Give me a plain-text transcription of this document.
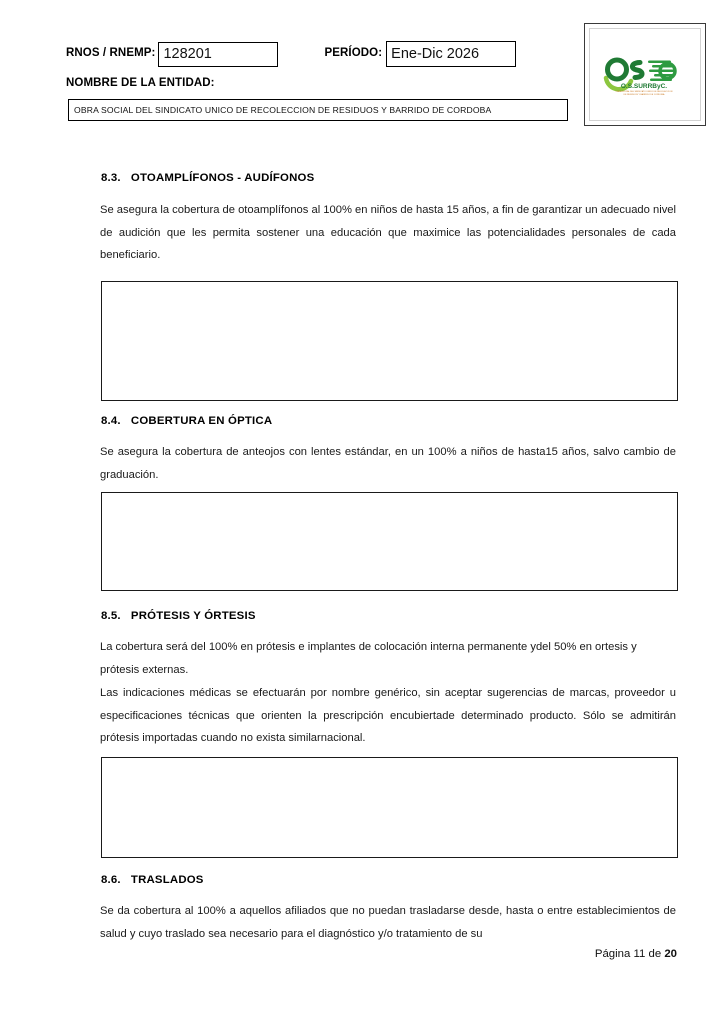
RNOS / RNEMP: 128201	PERÍODO: Ene-Dic 2026
NOMBRE DE LA ENTIDAD:
OBRA SOCIAL DEL SINDICATO UNICO DE RECOLECCION DE RESIDUOS Y BARRIDO DE CORDOBA
O.S.SURRByC.
OBRA SOCIAL DEL SINDICATO UNICO DE RECOLECCION
DE RESIDUOS Y BARRIDO DE CORDOBA
8.3. OTOAMPLÍFONOS - AUDÍFONOS
Se asegura la cobertura de otoamplífonos al 100% en niños de hasta 15 años, a fin de garantizar un adecuado nivel de audición que les permita sostener una educación que maximice las potencialidades personales de cada beneficiario.
8.4. COBERTURA EN ÓPTICA
Se asegura la cobertura de anteojos con lentes estándar, en un 100% a niños de hasta15 años, salvo cambio de graduación.
8.5. PRÓTESIS Y ÓRTESIS
La cobertura será del 100% en prótesis e implantes de colocación interna permanente ydel 50% en ortesis y prótesis externas.
Las indicaciones médicas se efectuarán por nombre genérico, sin aceptar sugerencias de marcas, proveedor u especificaciones técnicas que orienten la prescripción encubiertade determinado producto. Sólo se admitirán prótesis importadas cuando no exista similarnacional.
8.6. TRASLADOS
Se da cobertura al 100% a aquellos afiliados que no puedan trasladarse desde, hasta o entre establecimientos de salud y cuyo traslado sea necesario para el diagnóstico y/o tratamiento de su
Página 11 de 20
